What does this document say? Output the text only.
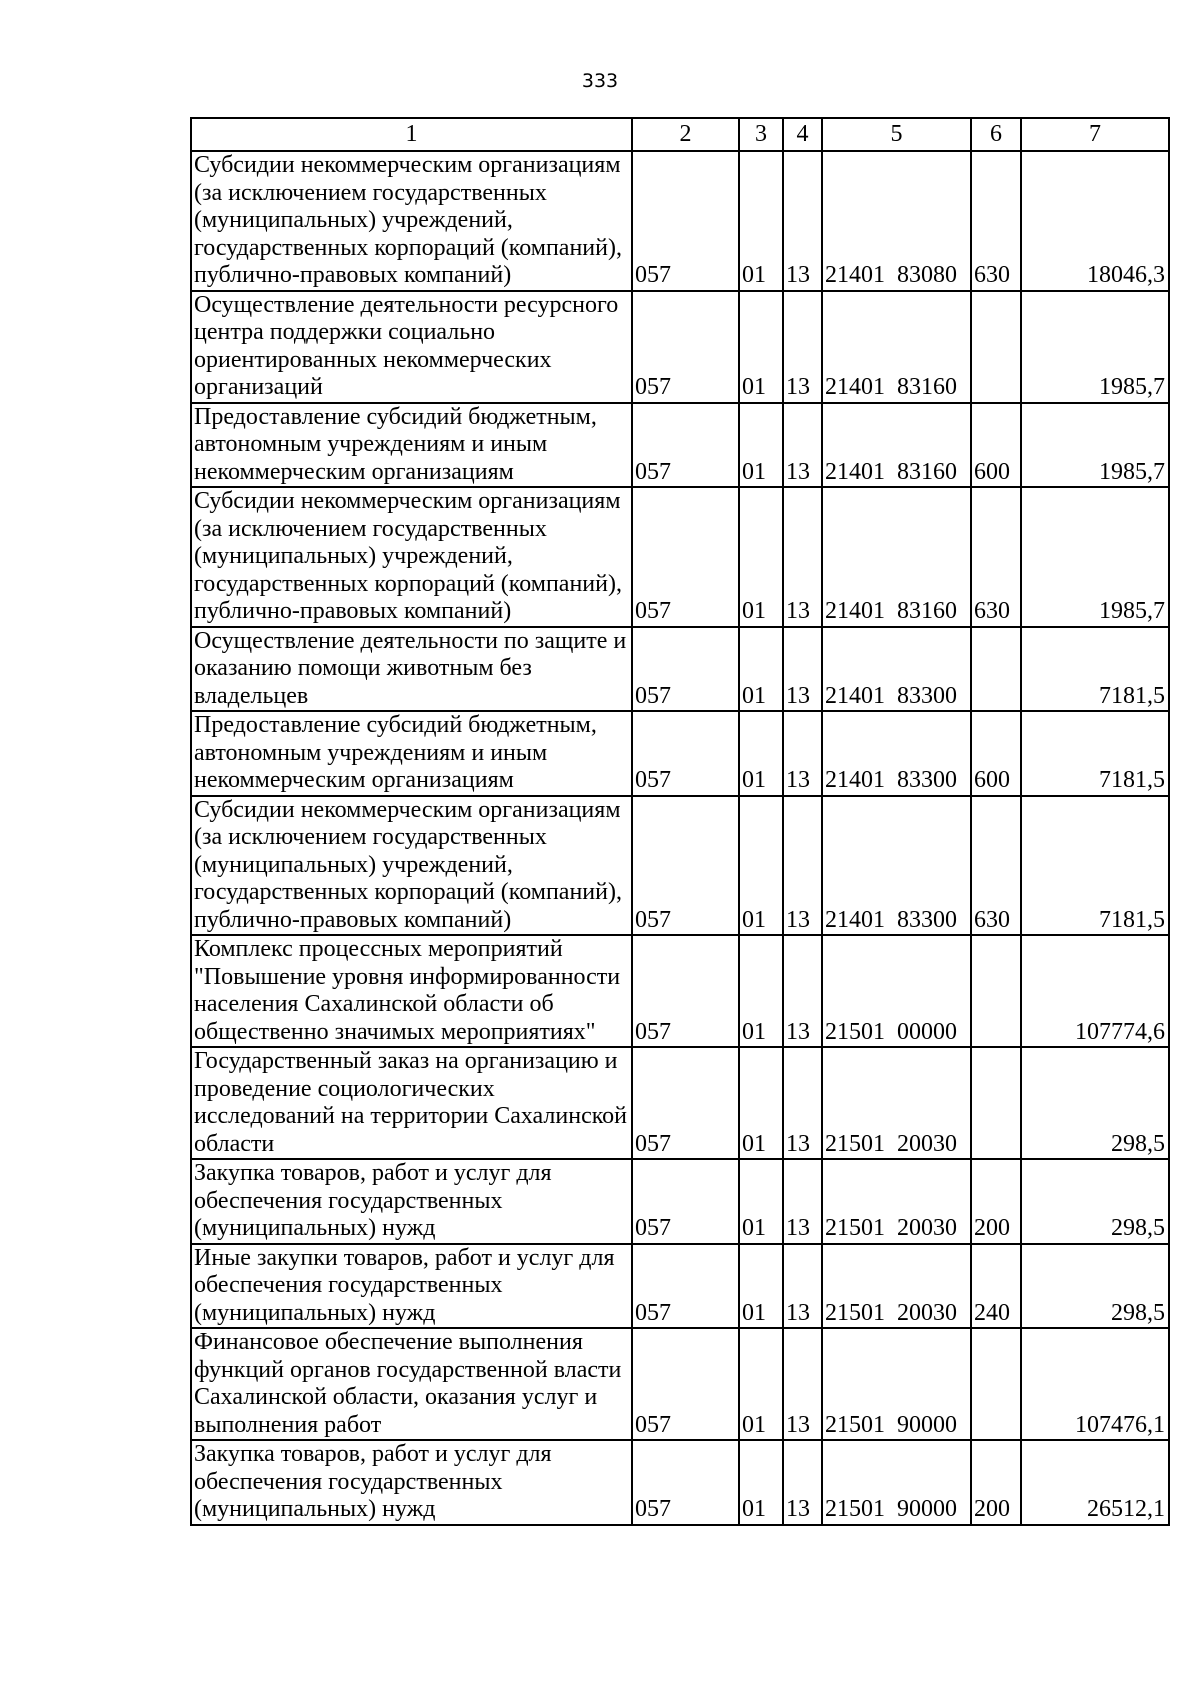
333
1	2	3	4	5	6	7
Субсидии некоммерческим организациям (за исключением государственных (муниципальных) учреждений, государственных корпораций (компаний), публично-правовых компаний)	057	01	13	21401  83080	630	18046,3
Осуществление деятельности ресурсного центра поддержки социально ориентированных некоммерческих организаций	057	01	13	21401  83160		1985,7
Предоставление субсидий бюджетным, автономным учреждениям и иным некоммерческим организациям	057	01	13	21401  83160	600	1985,7
Субсидии некоммерческим организациям (за исключением государственных (муниципальных) учреждений, государственных корпораций (компаний), публично-правовых компаний)	057	01	13	21401  83160	630	1985,7
Осуществление деятельности по защите и оказанию помощи животным без владельцев	057	01	13	21401  83300		7181,5
Предоставление субсидий бюджетным, автономным учреждениям и иным некоммерческим организациям	057	01	13	21401  83300	600	7181,5
Субсидии некоммерческим организациям (за исключением государственных (муниципальных) учреждений, государственных корпораций (компаний), публично-правовых компаний)	057	01	13	21401  83300	630	7181,5
Комплекс процессных мероприятий "Повышение уровня информированности населения Сахалинской области об общественно значимых мероприятиях"	057	01	13	21501  00000		107774,6
Государственный заказ на организацию и проведение социологических исследований на территории Сахалинской области	057	01	13	21501  20030		298,5
Закупка товаров, работ и услуг для обеспечения государственных (муниципальных) нужд	057	01	13	21501  20030	200	298,5
Иные закупки товаров, работ и услуг для обеспечения государственных (муниципальных) нужд	057	01	13	21501  20030	240	298,5
Финансовое обеспечение выполнения функций органов государственной власти Сахалинской области, оказания услуг и выполнения работ	057	01	13	21501  90000		107476,1
Закупка товаров, работ и услуг для обеспечения государственных (муниципальных) нужд	057	01	13	21501  90000	200	26512,1
